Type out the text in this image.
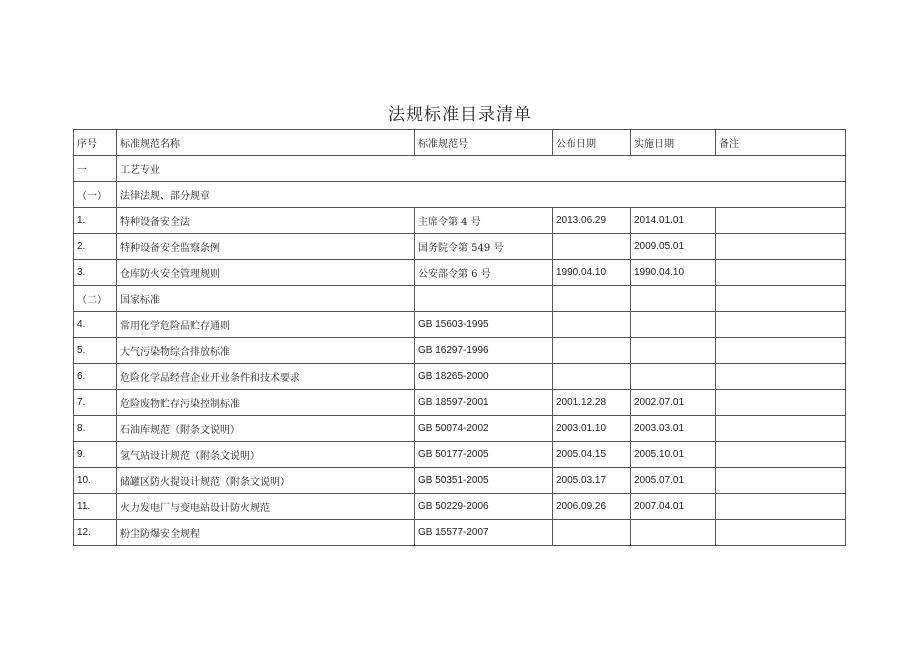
法规标准目录清单
序号	标准规范名称	标准规范号	公布日期	实施日期	备注
一	工艺专业				
（一）	法律法规、部分规章				
1.	特种设备安全法	主席令第 4 号	2013.06.29	2014.01.01	
2.	特种设备安全监察条例	国务院令第 549 号		2009.05.01	
3.	仓库防火安全管理规则	公安部令第 6 号	1990.04.10	1990.04.10	
（二）	国家标准				
4.	常用化学危险品贮存通则	GB 15603-1995			
5.	大气污染物综合排放标准	GB 16297-1996			
6.	危险化学品经营企业开业条件和技术要求	GB 18265-2000			
7.	危险废物贮存污染控制标准	GB 18597-2001	2001.12.28	2002.07.01	
8.	石油库规范（附条文说明）	GB 50074-2002	2003.01.10	2003.03.01	
9.	氢气站设计规范（附条文说明）	GB 50177-2005	2005.04.15	2005.10.01	
10.	储罐区防火提设计规范（附条文说明）	GB 50351-2005	2005.03.17	2005.07.01	
11.	火力发电厂与变电站设计防火规范	GB 50229-2006	2006.09.26	2007.04.01	
12.	粉尘防爆安全规程	GB 15577-2007			
